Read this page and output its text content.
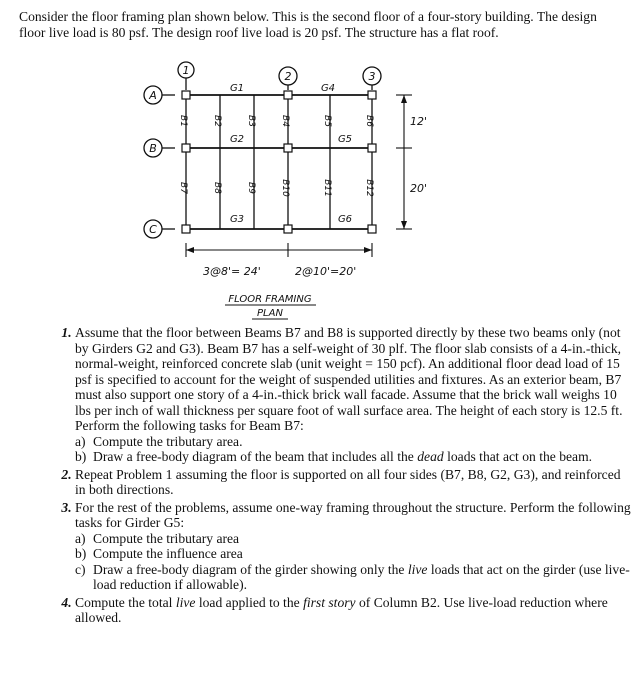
Consider the floor framing plan shown below. This is the second floor of a four-story building. The design floor live load is 80 psf. The design roof live load is 20 psf. The structure has a flat roof.

1	2	3
A
B
C
G1
G2
G3
G4
G5
G6
B1	B2	B3	B4	B5	B6
B7	B8	B9	B10	B11	B12
12'
20'
3@8'= 24'	2@10'=20'
FLOOR FRAMING
PLAN
1. Assume that the floor between Beams B7 and B8 is supported directly by these two beams only (not by Girders G2 and G3). Beam B7 has a self-weight of 30 plf. The floor slab consists of a 4-in.-thick, normal-weight, reinforced concrete slab (unit weight = 150 pcf). An additional floor dead load of 15 psf is specified to account for the weight of suspended utilities and fixtures. As an exterior beam, B7 must also support one story of a 4-in.-thick brick wall facade. Assume that the brick wall weighs 10 lbs per inch of wall thickness per square foot of wall surface area. The height of each story is 12.5 ft. Perform the following tasks for Beam B7:
a) Compute the tributary area.
b) Draw a free-body diagram of the beam that includes all the dead loads that act on the beam.
2. Repeat Problem 1 assuming the floor is supported on all four sides (B7, B8, G2, G3), and reinforced in both directions.
3. For the rest of the problems, assume one-way framing throughout the structure. Perform the following tasks for Girder G5:
a) Compute the tributary area
b) Compute the influence area
c) Draw a free-body diagram of the girder showing only the live loads that act on the girder (use live-load reduction if allowable).
4. Compute the total live load applied to the first story of Column B2. Use live-load reduction where allowed.
